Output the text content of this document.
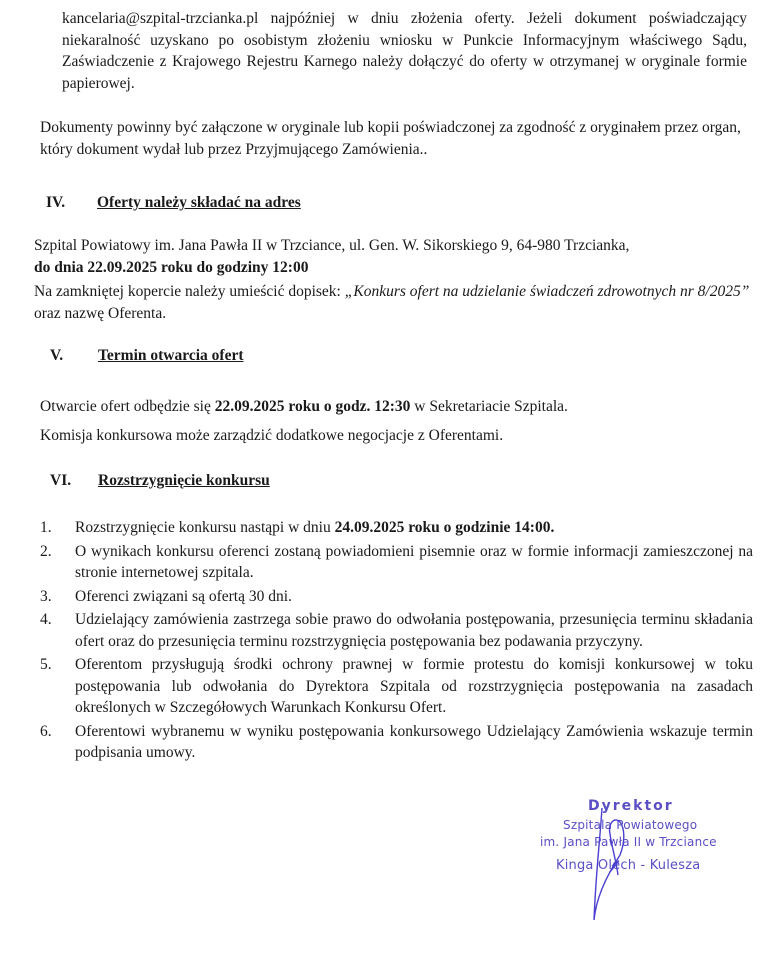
kancelaria@szpital-trzcianka.pl najpóźniej w dniu złożenia oferty. Jeżeli dokument poświadczający niekaralność uzyskano po osobistym złożeniu wniosku w Punkcie Informacyjnym właściwego Sądu, Zaświadczenie z Krajowego Rejestru Karnego należy dołączyć do oferty w otrzymanej w oryginale formie papierowej.
Dokumenty powinny być załączone w oryginale lub kopii poświadczonej za zgodność z oryginałem przez organ, który dokument wydał lub przez Przyjmującego Zamówienia..
IV. Oferty należy składać na adres
Szpital Powiatowy im. Jana Pawła II w Trzciance, ul. Gen. W. Sikorskiego 9, 64-980 Trzcianka,
do dnia 22.09.2025 roku do godziny 12:00
Na zamkniętej kopercie należy umieścić dopisek: „Konkurs ofert na udzielanie świadczeń zdrowotnych nr 8/2025” oraz nazwę Oferenta.
V. Termin otwarcia ofert
Otwarcie ofert odbędzie się 22.09.2025 roku o godz. 12:30 w Sekretariacie Szpitala.
Komisja konkursowa może zarządzić dodatkowe negocjacje z Oferentami.
VI. Rozstrzygnięcie konkursu
1. Rozstrzygnięcie konkursu nastąpi w dniu 24.09.2025 roku o godzinie 14:00.
2. O wynikach konkursu oferenci zostaną powiadomieni pisemnie oraz w formie informacji zamieszczonej na stronie internetowej szpitala.
3. Oferenci związani są ofertą 30 dni.
4. Udzielający zamówienia zastrzega sobie prawo do odwołania postępowania, przesunięcia terminu składania ofert oraz do przesunięcia terminu rozstrzygnięcia postępowania bez podawania przyczyny.
5. Oferentom przysługują środki ochrony prawnej w formie protestu do komisji konkursowej w toku postępowania lub odwołania do Dyrektora Szpitala od rozstrzygnięcia postępowania na zasadach określonych w Szczegółowych Warunkach Konkursu Ofert.
6. Oferentowi wybranemu w wyniku postępowania konkursowego Udzielający Zamówienia wskazuje termin podpisania umowy.
Dyrektor
Szpitala Powiatowego
im. Jana Pawła II w Trzciance
Kinga Olech - Kulesza
